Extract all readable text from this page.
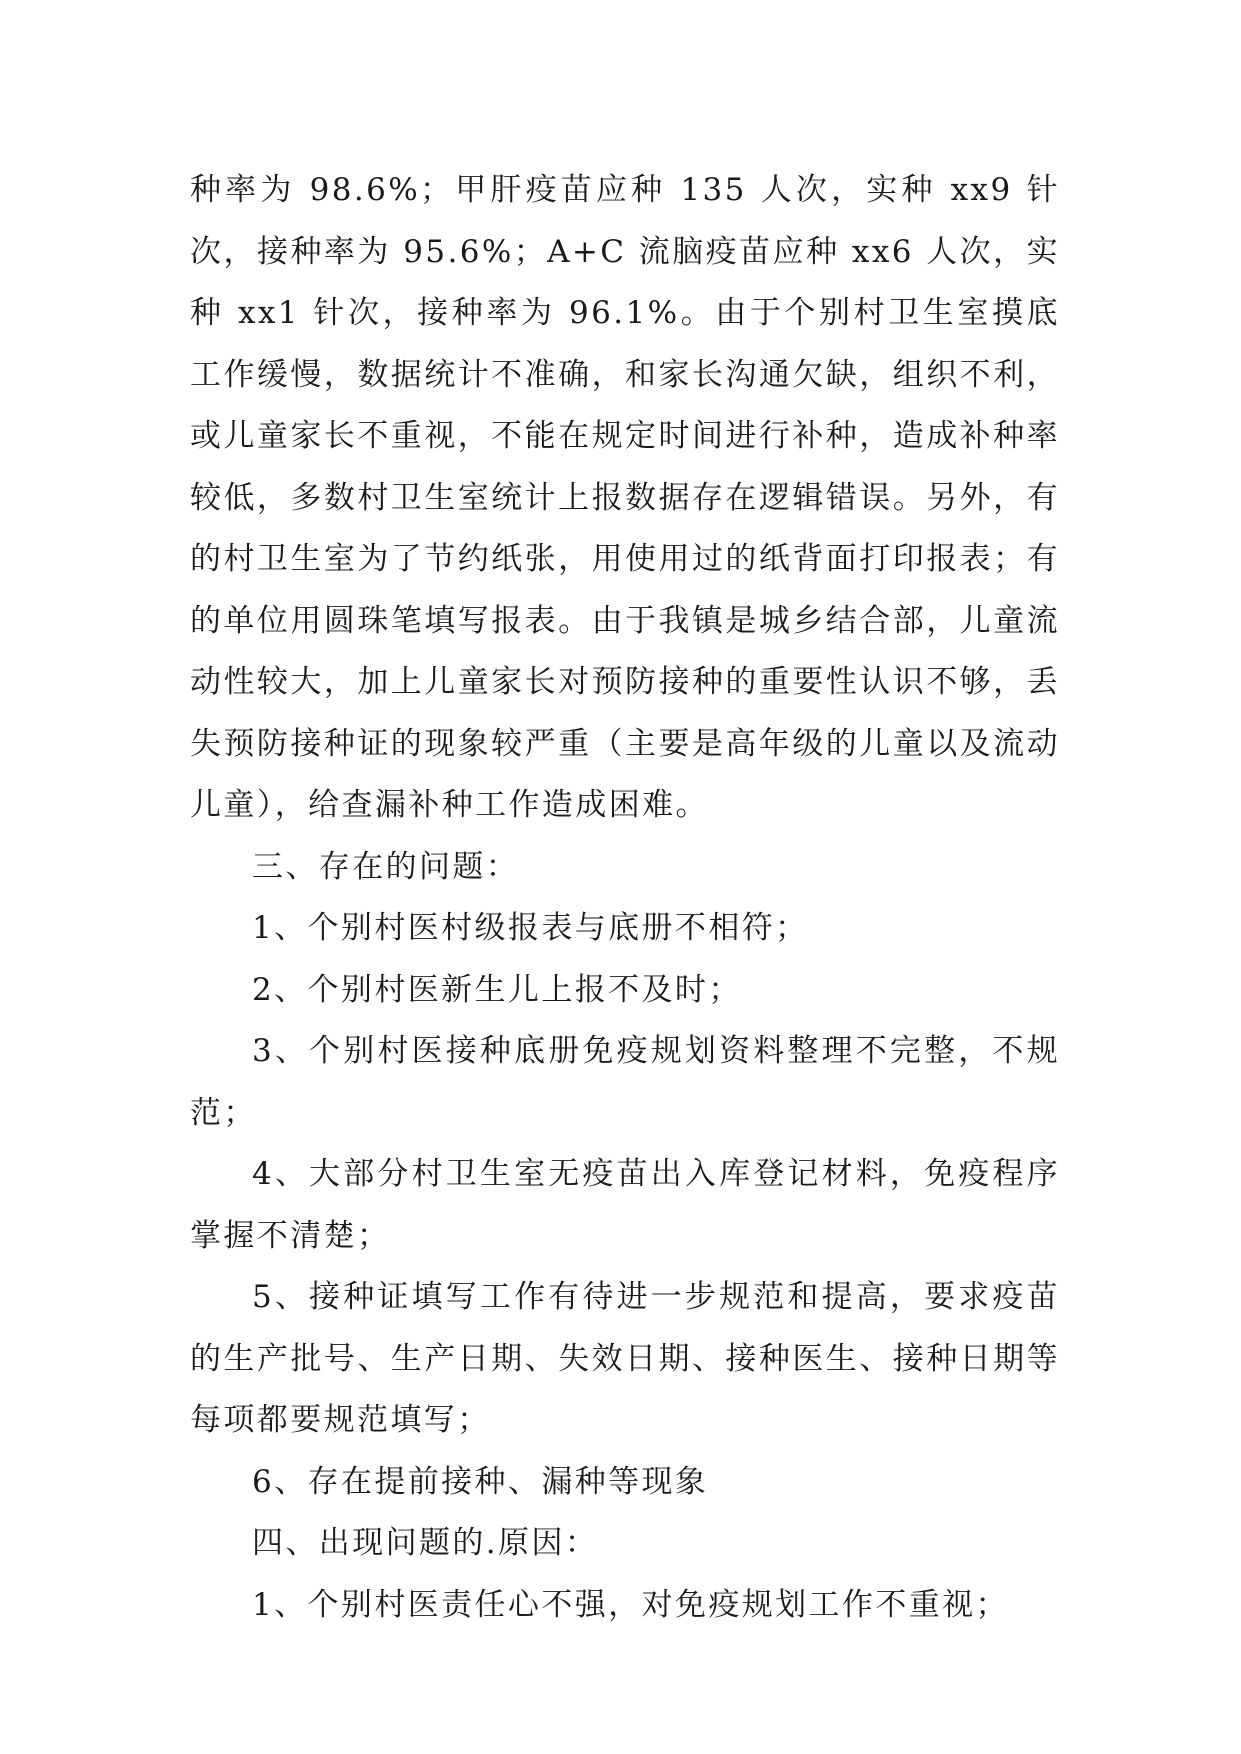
种率为 98.6%；甲肝疫苗应种 135 人次，实种 xx9 针次，接种率为 95.6%；A+C 流脑疫苗应种 xx6 人次，实种 xx1 针次，接种率为 96.1%。由于个别村卫生室摸底工作缓慢，数据统计不准确，和家长沟通欠缺，组织不利，或儿童家长不重视，不能在规定时间进行补种，造成补种率较低，多数村卫生室统计上报数据存在逻辑错误。另外，有的村卫生室为了节约纸张，用使用过的纸背面打印报表；有的单位用圆珠笔填写报表。由于我镇是城乡结合部，儿童流动性较大，加上儿童家长对预防接种的重要性认识不够，丢失预防接种证的现象较严重（主要是高年级的儿童以及流动儿童），给查漏补种工作造成困难。

三、存在的问题：

1、个别村医村级报表与底册不相符；

2、个别村医新生儿上报不及时；

3、个别村医接种底册免疫规划资料整理不完整，不规范；

4、大部分村卫生室无疫苗出入库登记材料，免疫程序掌握不清楚；

5、接种证填写工作有待进一步规范和提高，要求疫苗的生产批号、生产日期、失效日期、接种医生、接种日期等每项都要规范填写；

6、存在提前接种、漏种等现象

四、出现问题的.原因：

1、个别村医责任心不强，对免疫规划工作不重视；
